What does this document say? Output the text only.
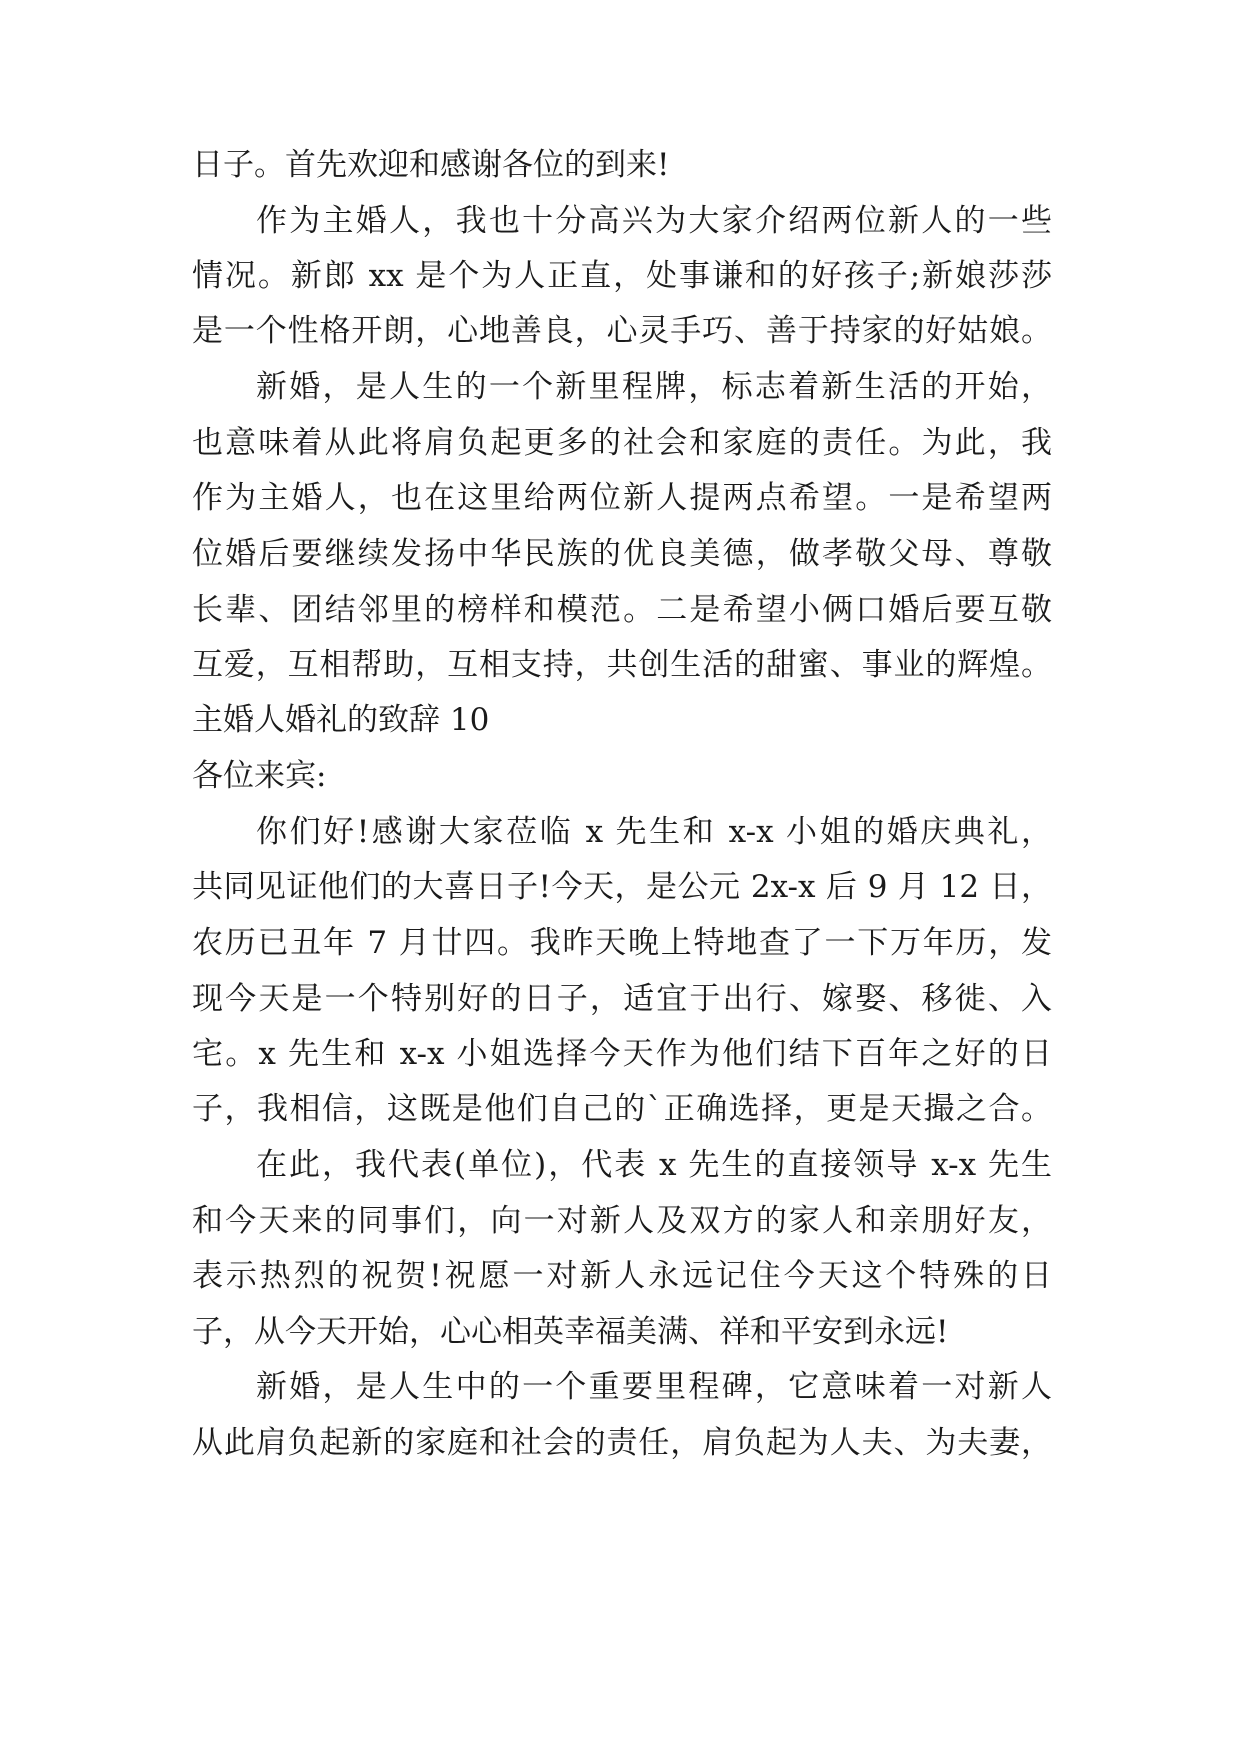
日子。首先欢迎和感谢各位的到来!
作为主婚人，我也十分高兴为大家介绍两位新人的一些
情况。新郎 xx 是个为人正直，处事谦和的好孩子;新娘莎莎
是一个性格开朗，心地善良，心灵手巧、善于持家的好姑娘。
新婚，是人生的一个新里程牌，标志着新生活的开始，
也意味着从此将肩负起更多的社会和家庭的责任。为此，我
作为主婚人，也在这里给两位新人提两点希望。一是希望两
位婚后要继续发扬中华民族的优良美德，做孝敬父母、尊敬
长辈、团结邻里的榜样和模范。二是希望小俩口婚后要互敬
互爱，互相帮助，互相支持，共创生活的甜蜜、事业的辉煌。
主婚人婚礼的致辞 10
各位来宾:
你们好!感谢大家莅临 x 先生和 x-x 小姐的婚庆典礼，
共同见证他们的大喜日子!今天，是公元 2x-x 后 9 月 12 日，
农历已丑年 7 月廿四。我昨天晚上特地查了一下万年历，发
现今天是一个特别好的日子，适宜于出行、嫁娶、移徙、入
宅。x 先生和 x-x 小姐选择今天作为他们结下百年之好的日
子，我相信，这既是他们自己的`正确选择，更是天撮之合。
在此，我代表(单位)，代表 x 先生的直接领导 x-x 先生
和今天来的同事们，向一对新人及双方的家人和亲朋好友，
表示热烈的祝贺!祝愿一对新人永远记住今天这个特殊的日
子，从今天开始，心心相英幸福美满、祥和平安到永远!
新婚，是人生中的一个重要里程碑，它意味着一对新人
从此肩负起新的家庭和社会的责任，肩负起为人夫、为夫妻，
